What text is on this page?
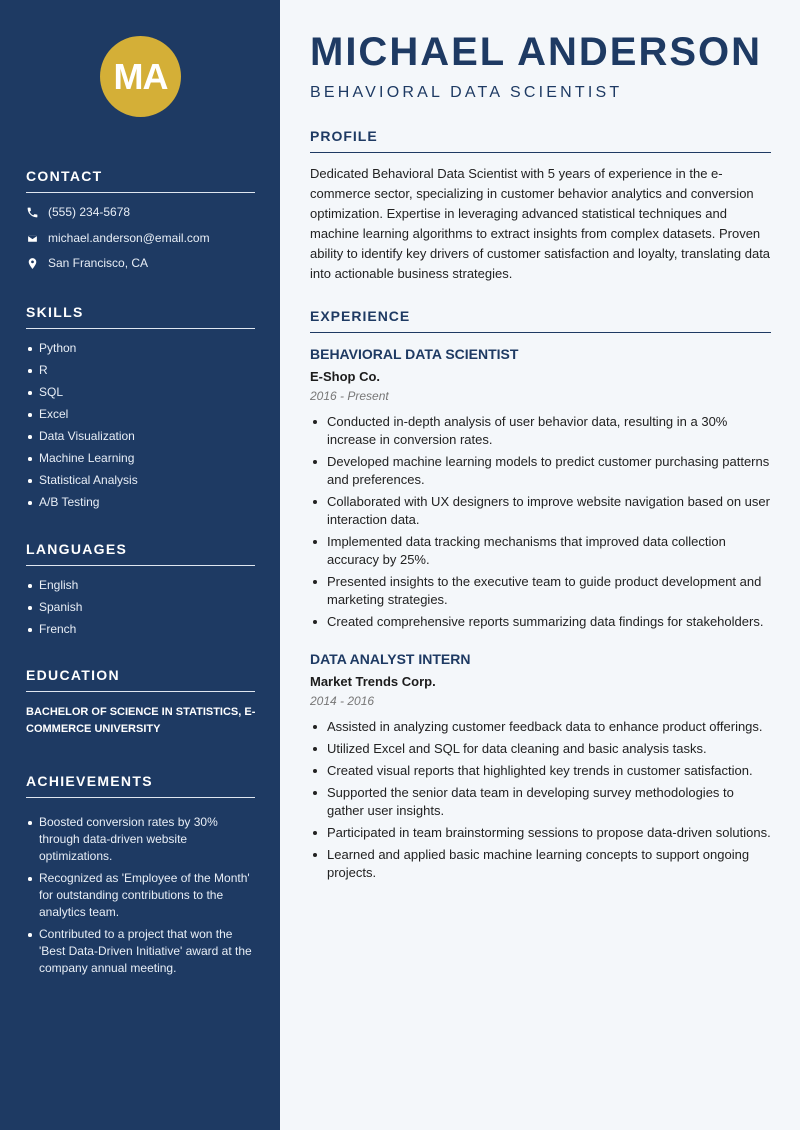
MA
CONTACT
(555) 234-5678
michael.anderson@email.com
San Francisco, CA
SKILLS
Python
R
SQL
Excel
Data Visualization
Machine Learning
Statistical Analysis
A/B Testing
LANGUAGES
English
Spanish
French
EDUCATION
BACHELOR OF SCIENCE IN STATISTICS, E-COMMERCE UNIVERSITY
ACHIEVEMENTS
Boosted conversion rates by 30% through data-driven website optimizations.
Recognized as 'Employee of the Month' for outstanding contributions to the analytics team.
Contributed to a project that won the 'Best Data-Driven Initiative' award at the company annual meeting.
MICHAEL ANDERSON
BEHAVIORAL DATA SCIENTIST
PROFILE
Dedicated Behavioral Data Scientist with 5 years of experience in the e-commerce sector, specializing in customer behavior analytics and conversion optimization. Expertise in leveraging advanced statistical techniques and machine learning algorithms to extract insights from complex datasets. Proven ability to identify key drivers of customer satisfaction and loyalty, translating data into actionable business strategies.
EXPERIENCE
BEHAVIORAL DATA SCIENTIST
E-Shop Co.
2016 - Present
Conducted in-depth analysis of user behavior data, resulting in a 30% increase in conversion rates.
Developed machine learning models to predict customer purchasing patterns and preferences.
Collaborated with UX designers to improve website navigation based on user interaction data.
Implemented data tracking mechanisms that improved data collection accuracy by 25%.
Presented insights to the executive team to guide product development and marketing strategies.
Created comprehensive reports summarizing data findings for stakeholders.
DATA ANALYST INTERN
Market Trends Corp.
2014 - 2016
Assisted in analyzing customer feedback data to enhance product offerings.
Utilized Excel and SQL for data cleaning and basic analysis tasks.
Created visual reports that highlighted key trends in customer satisfaction.
Supported the senior data team in developing survey methodologies to gather user insights.
Participated in team brainstorming sessions to propose data-driven solutions.
Learned and applied basic machine learning concepts to support ongoing projects.
